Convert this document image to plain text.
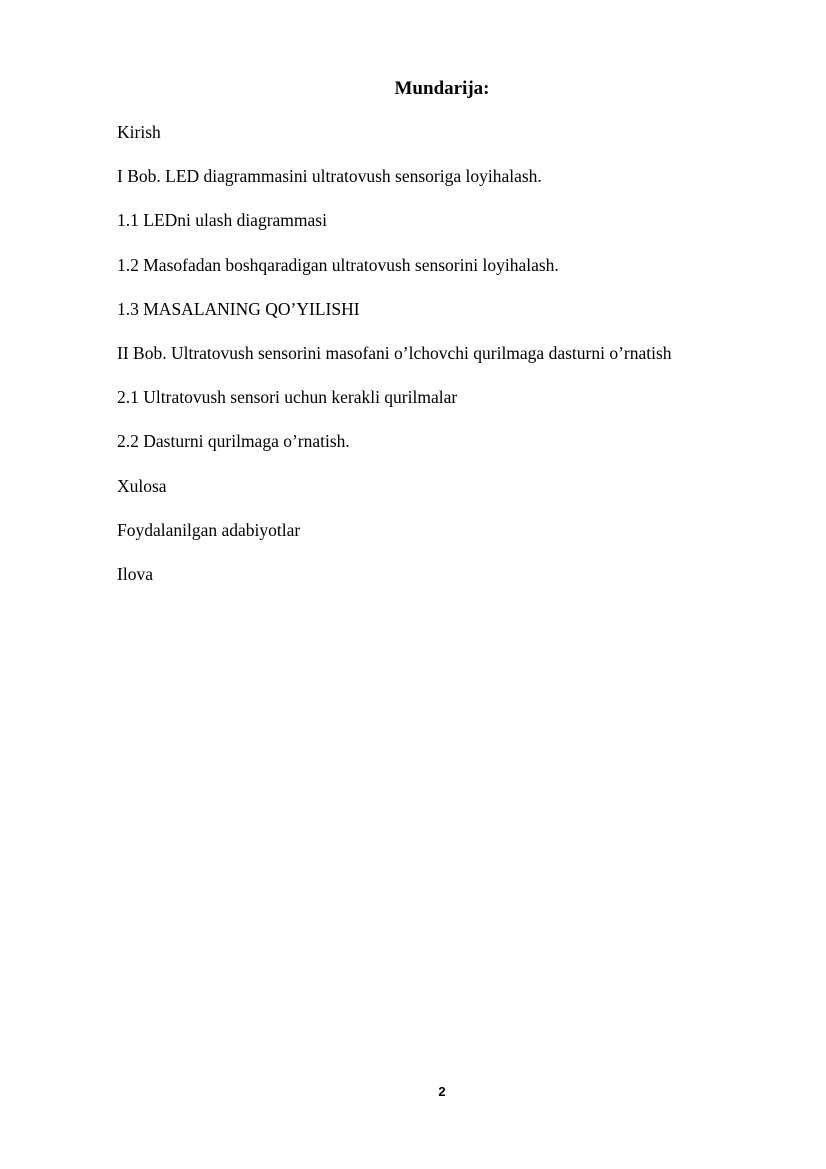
Mundarija:
Kirish
I Bob. LED diagrammasini ultratovush sensoriga loyihalash.
1.1 LEDni ulash diagrammasi
1.2 Masofadan boshqaradigan ultratovush sensorini loyihalash.
1.3 MASALANING QO’YILISHI
II Bob. Ultratovush sensorini masofani o’lchovchi qurilmaga dasturni o’rnatish
2.1 Ultratovush sensori uchun kerakli qurilmalar
2.2 Dasturni qurilmaga o’rnatish.
Xulosa
Foydalanilgan adabiyotlar
Ilova
2
